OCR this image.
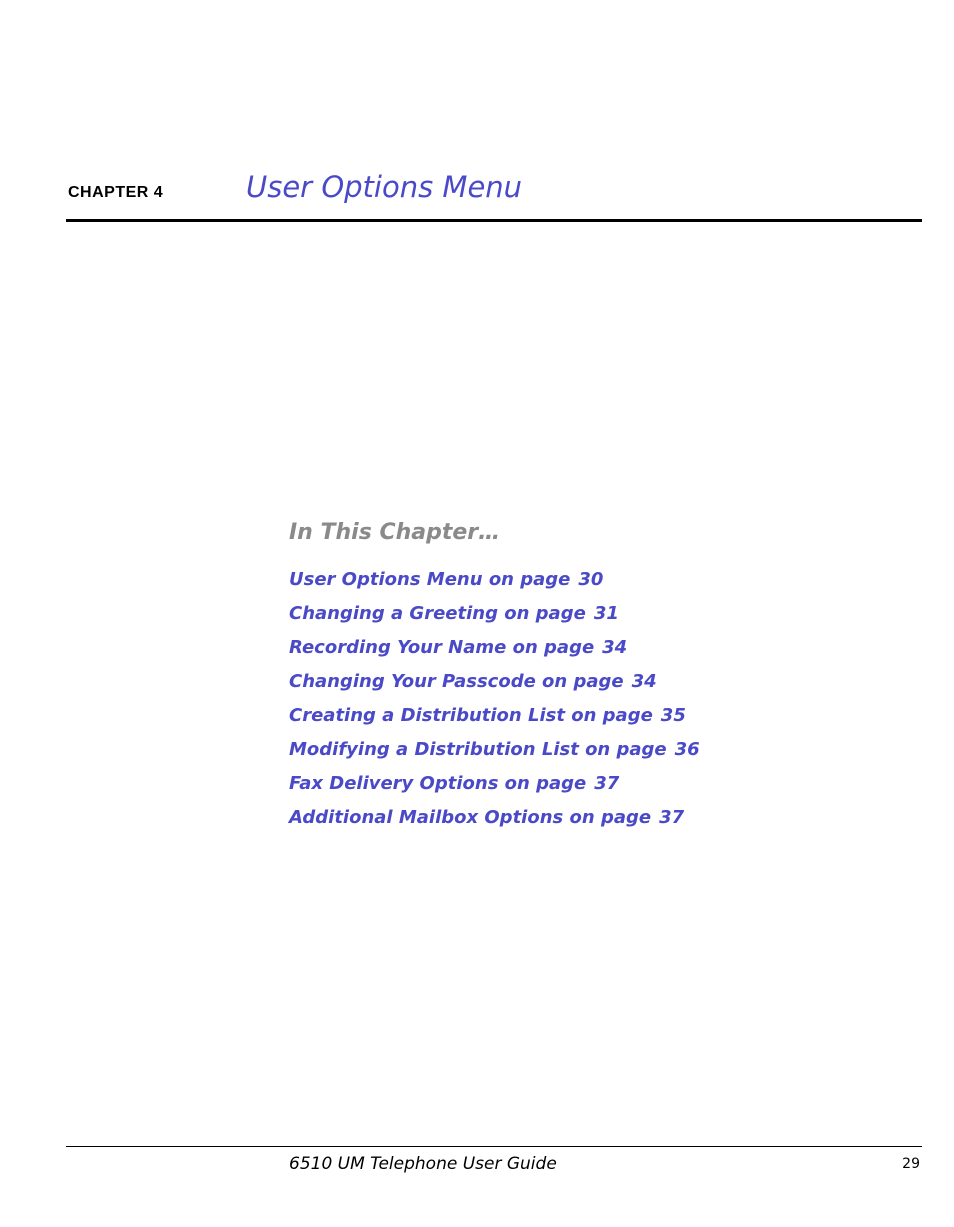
CHAPTER 4	User Options Menu
In This Chapter…
User Options Menu on page 30
Changing a Greeting on page 31
Recording Your Name on page 34
Changing Your Passcode on page 34
Creating a Distribution List on page 35
Modifying a Distribution List on page 36
Fax Delivery Options on page 37
Additional Mailbox Options on page 37
6510 UM Telephone User Guide	29
